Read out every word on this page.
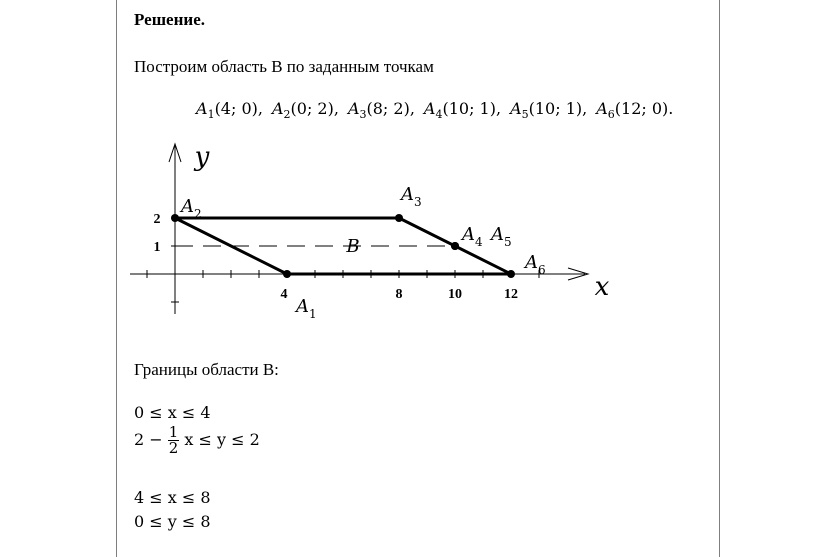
Решение.
Построим область B по заданным точкам
$A_1(4$; 0), $A_2(0$; 2), $A_3(8$; 2), $A_4(10$; 1), $A_5(10$; 1), $A_6(12$; 0).
4	8	10	12
1
2
x
y
B
$A_1$
$A_2$
$A_3$
$A_4$ $A_5$
$A_6$
Границы области B:
0 ≤ x ≤ 4
$2 - \frac{1}{2}$ x ≤ y ≤ 2
4 ≤ x ≤ 8
0 ≤ y ≤ 8
